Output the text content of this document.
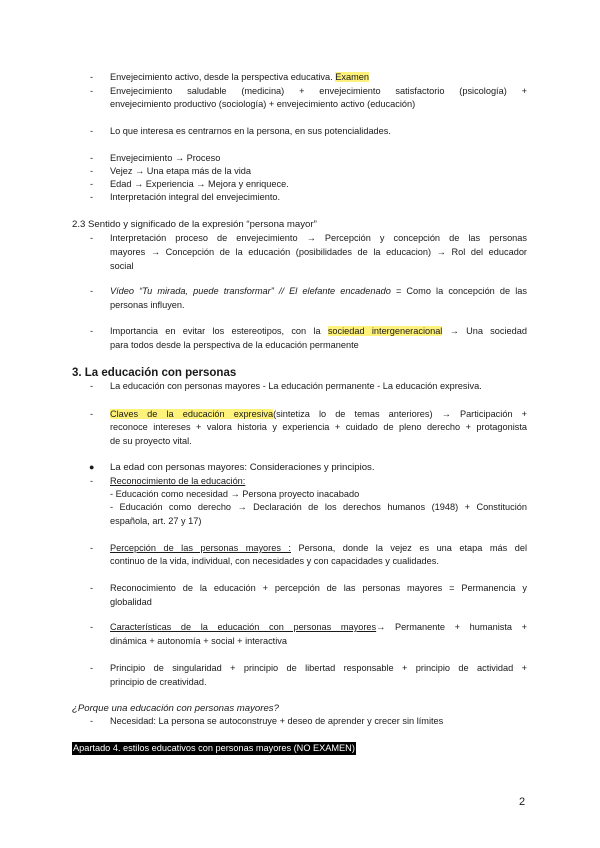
- Envejecimiento activo, desde la perspectiva educativa. Examen
- Envejecimiento saludable (medicina) + envejecimiento satisfactorio (psicología) +
envejecimiento productivo (sociología) + envejecimiento activo (educación)
- Lo que interesa es centrarnos en la persona, en sus potencialidades.
- Envejecimiento → Proceso
- Vejez → Una etapa más de la vida
- Edad → Experiencia → Mejora y enriquece.
- Interpretación integral del envejecimiento.
2.3 Sentido y significado de la expresión “persona mayor”
- Interpretación proceso de envejecimiento → Percepción y concepción de las personas
mayores → Concepción de la educación (posibilidades de la educacion) → Rol del educador
social
- Vídeo “Tu mirada, puede transformar” // El elefante encadenado = Como la concepción de las
personas influyen.
- Importancia en evitar los estereotipos, con la sociedad intergeneracional → Una sociedad
para todos desde la perspectiva de la educación permanente
3. La educación con personas
- La educación con personas mayores - La educación permanente - La educación expresiva.
- Claves de la educación expresiva(sintetiza lo de temas anteriores) → Participación +
reconoce intereses + valora historia y experiencia + cuidado de pleno derecho + protagonista
de su proyecto vital.
● La edad con personas mayores: Consideraciones y principios.
- Reconocimiento de la educación:
- Educación como necesidad → Persona proyecto inacabado
- Educación como derecho → Declaración de los derechos humanos (1948) + Constitución
española, art. 27 y 17)
- Percepción de las personas mayores : Persona, donde la vejez es una etapa más del
continuo de la vida, individual, con necesidades y con capacidades y cualidades.
- Reconocimiento de la educación + percepción de las personas mayores = Permanencia y
globalidad
- Características de la educación con personas mayores→ Permanente + humanista +
dinámica + autonomía + social + interactiva
- Principio de singularidad + principio de libertad responsable + principio de actividad +
principio de creatividad.
¿Porque una educación con personas mayores?
- Necesidad: La persona se autoconstruye + deseo de aprender y crecer sin límites
Apartado 4. estilos educativos con personas mayores (NO EXAMEN)
2
